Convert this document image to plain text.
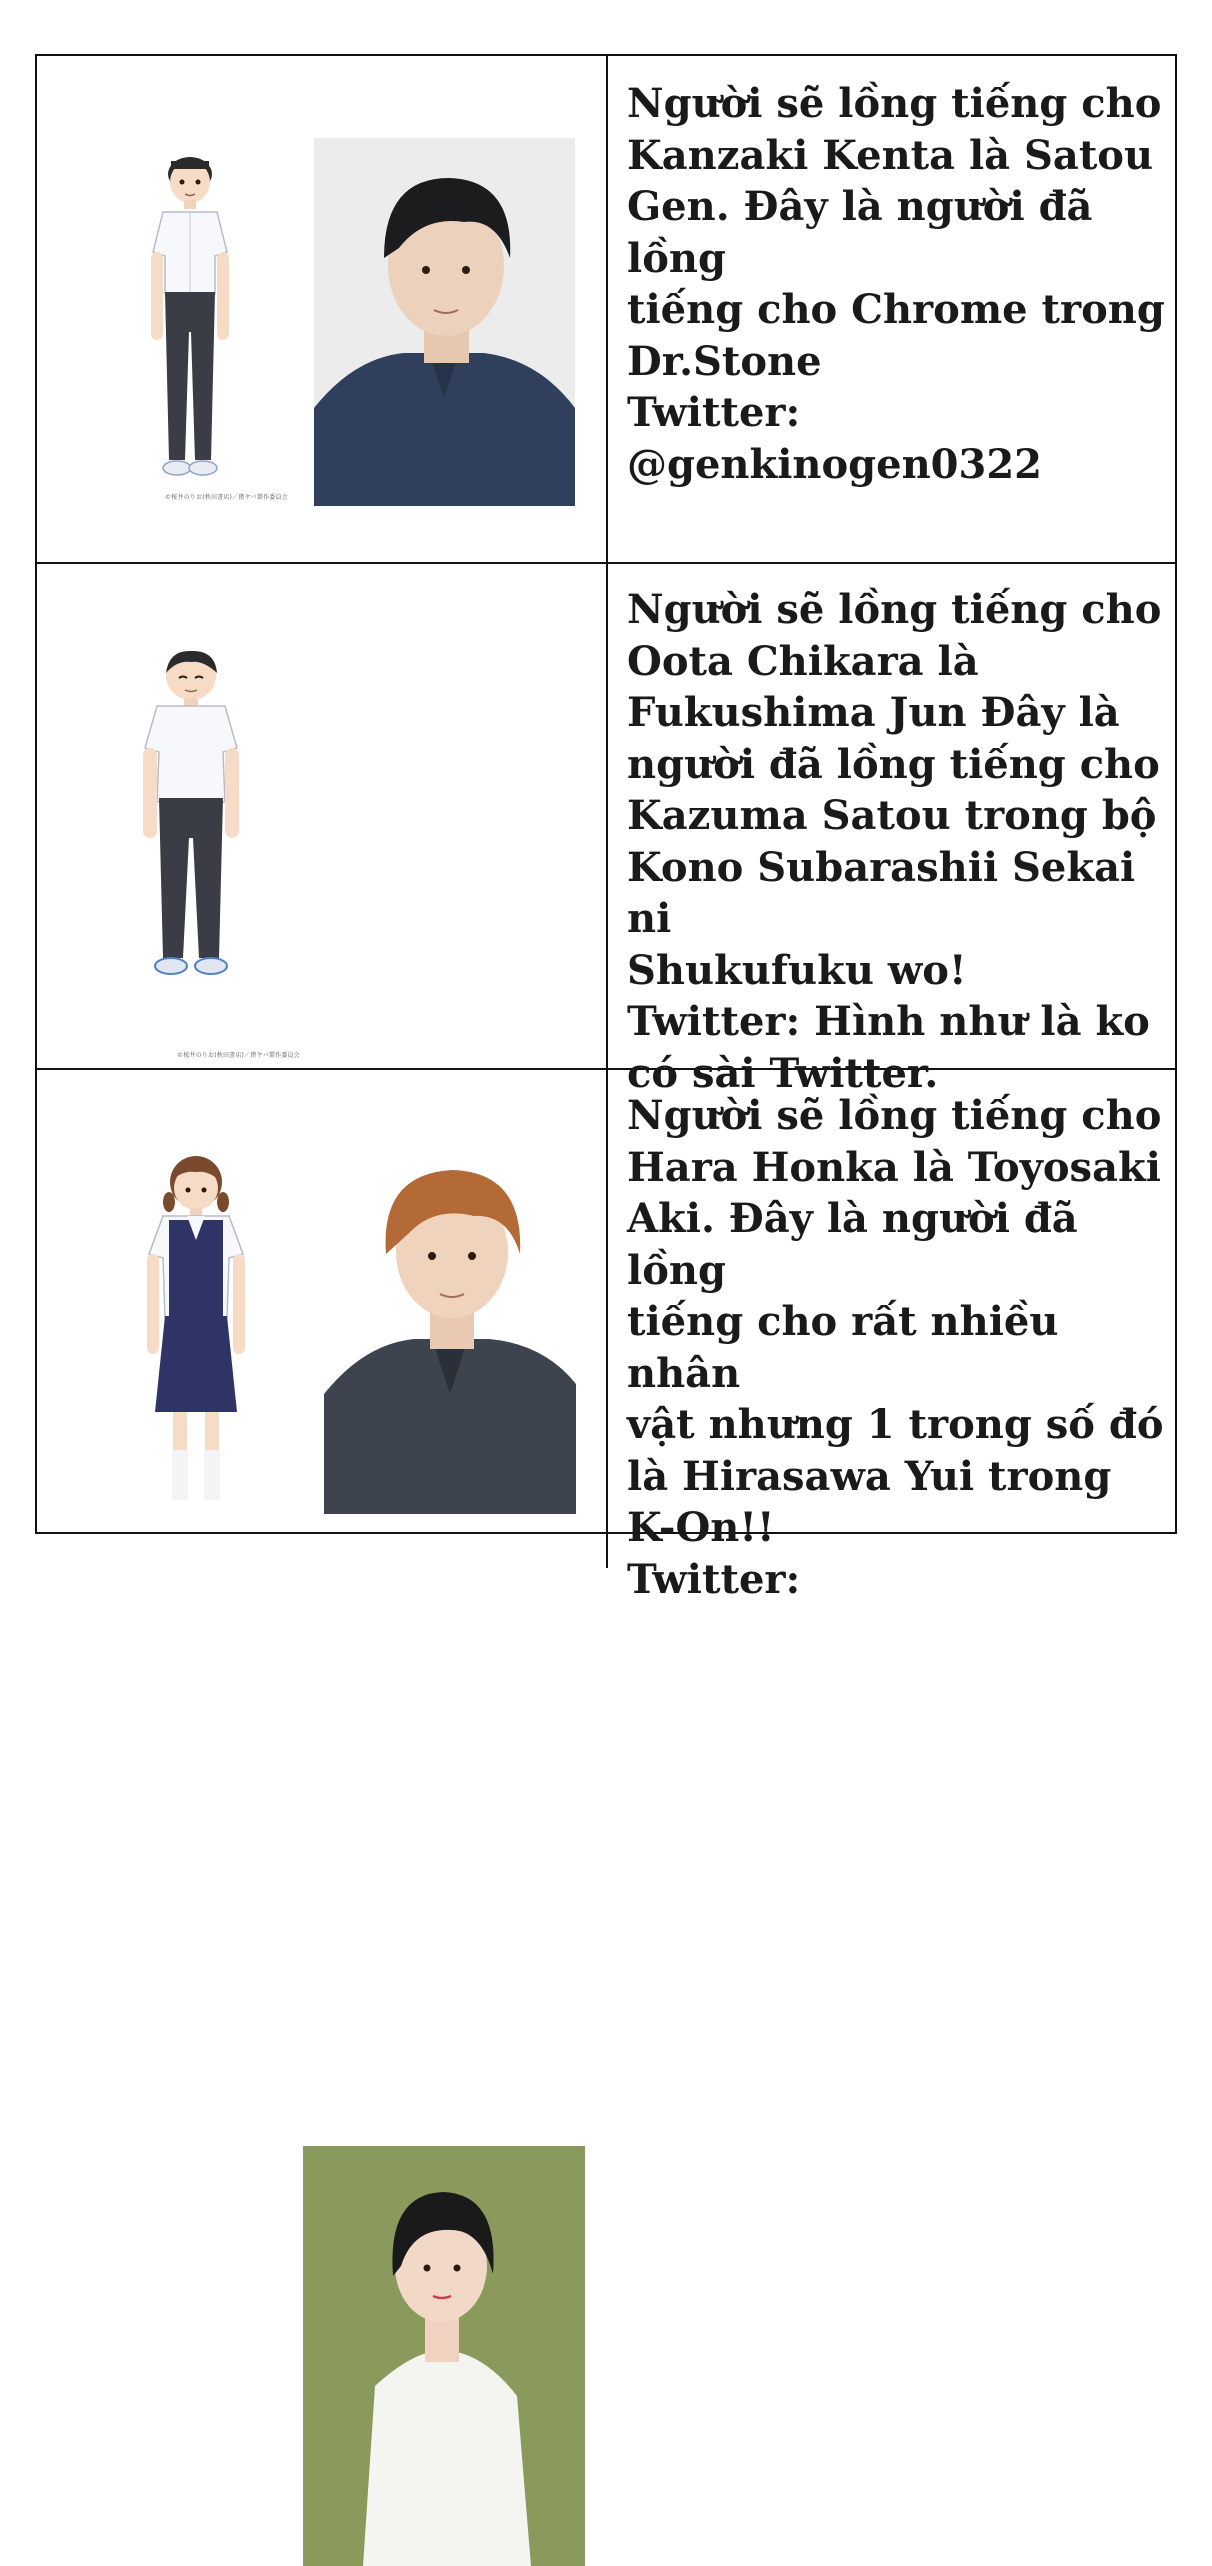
©桜井のりお(秋田書店)／僕ヤバ製作委員会
Người sẽ lồng tiếng cho
Kanzaki Kenta là Satou
Gen. Đây là người đã lồng
tiếng cho Chrome trong
Dr.Stone
Twitter:
@genkinogen0322
©桜井のりお(秋田書店)／僕ヤバ製作委員会
Người sẽ lồng tiếng cho
Oota Chikara là
Fukushima Jun Đây là
người đã lồng tiếng cho
Kazuma Satou trong bộ
Kono Subarashii Sekai ni
Shukufuku wo!
Twitter: Hình như là ko
có sài Twitter.
Người sẽ lồng tiếng cho
Hara Honka là Toyosaki
Aki. Đây là người đã lồng
tiếng cho rất nhiều nhân
vật nhưng 1 trong số đó
là Hirasawa Yui trong
K-On!!
Twitter:
